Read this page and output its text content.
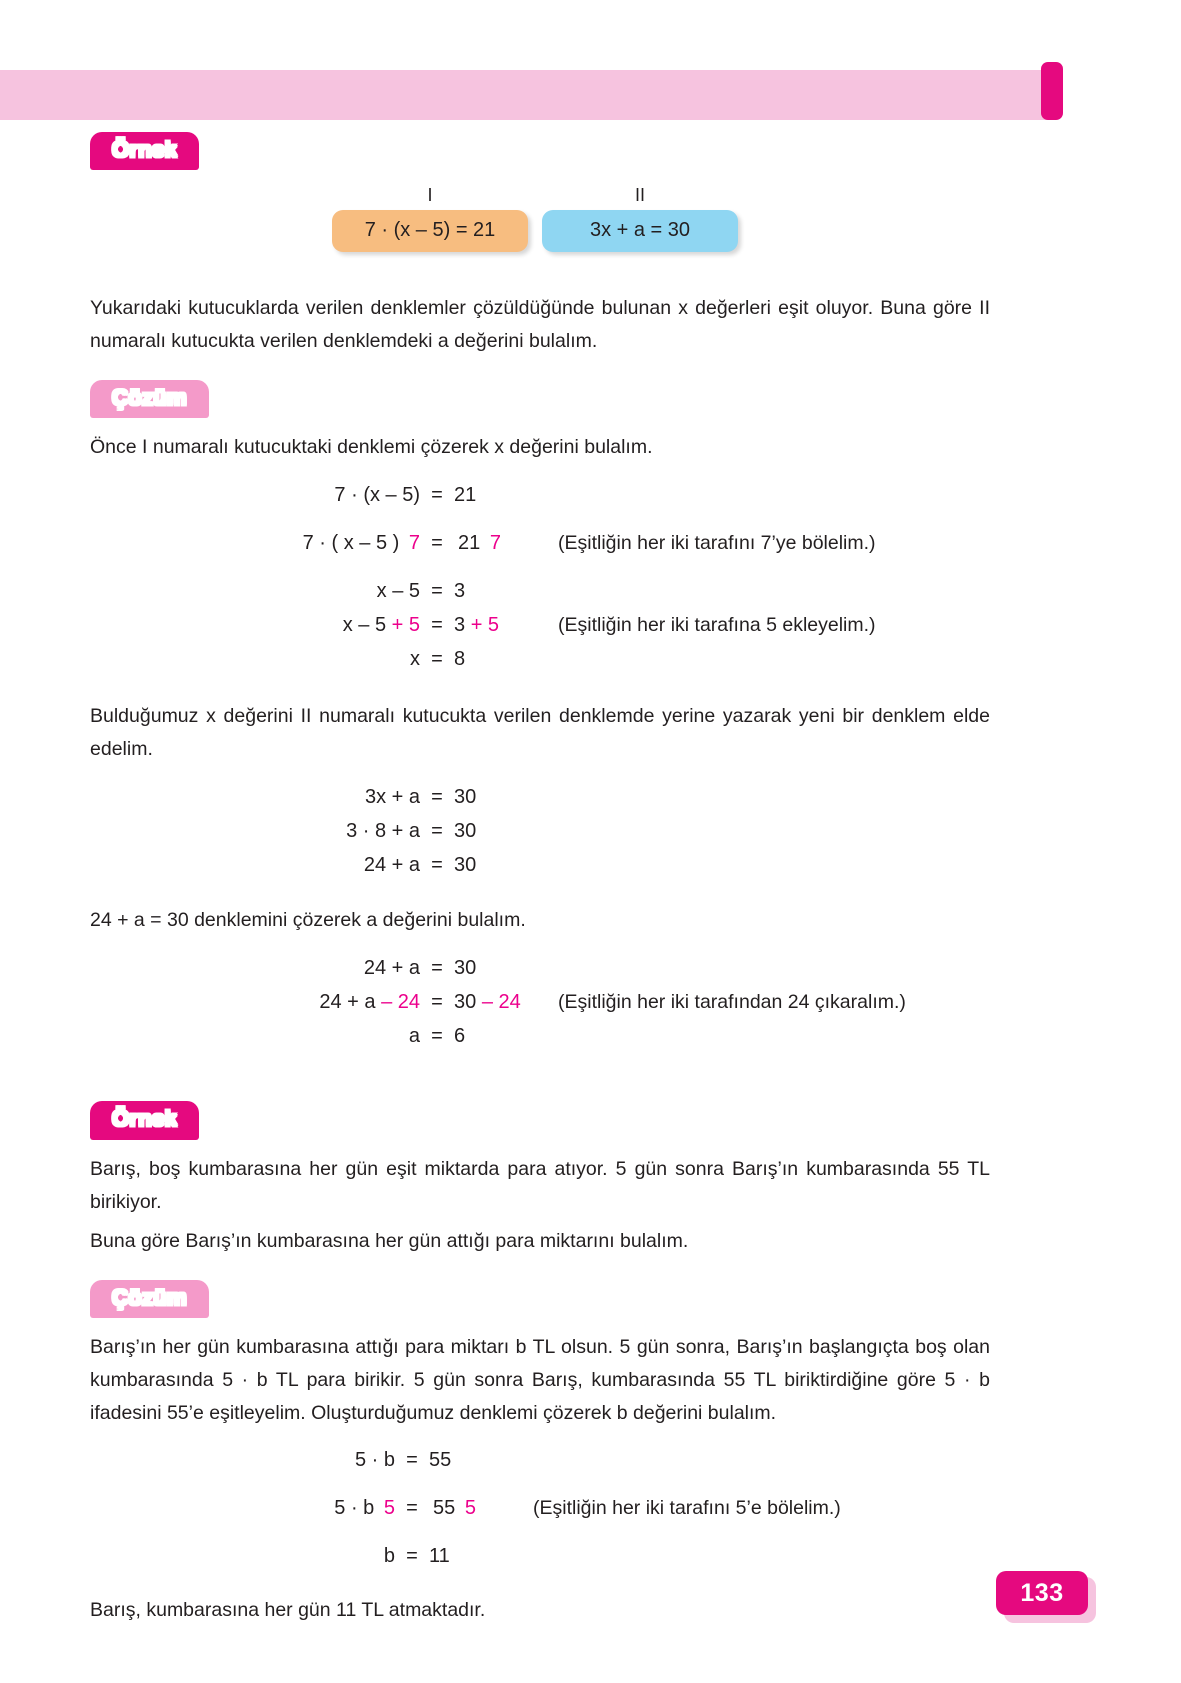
Örnek
I
7 · (x – 5) = 21
II
3x + a = 30

Yukarıdaki kutucuklarda verilen denklemler çözüldüğünde bulunan x değerleri eşit oluyor. Buna göre II numaralı kutucukta verilen denklemdeki a değerini bulalım.

Çözüm

Önce I numaralı kutucuktaki denklemi çözerek x değerini bulalım.

7 · (x – 5) = 21
7 · ( x – 5 ) 7 = 21 7	(Eşitliğin her iki tarafını 7’ye bölelim.)
x – 5 = 3
x – 5 + 5 = 3 + 5	(Eşitliğin her iki tarafına 5 ekleyelim.)
x = 8

Bulduğumuz x değerini II numaralı kutucukta verilen denklemde yerine yazarak yeni bir denklem elde edelim.

3x + a = 30
3 · 8 + a = 30
24 + a = 30

24 + a = 30 denklemini çözerek a değerini bulalım.

24 + a = 30
24 + a – 24 = 30 – 24	(Eşitliğin her iki tarafından 24 çıkaralım.)
a = 6
Örnek

Barış, boş kumbarasına her gün eşit miktarda para atıyor. 5 gün sonra Barış’ın kumbarasında 55 TL birikiyor.

Buna göre Barış’ın kumbarasına her gün attığı para miktarını bulalım.

Çözüm

Barış’ın her gün kumbarasına attığı para miktarı b TL olsun. 5 gün sonra, Barış’ın başlangıçta boş olan kumbarasında 5 · b TL para birikir. 5 gün sonra Barış, kumbarasında 55 TL biriktirdiğine göre 5 · b ifadesini 55’e eşitleyelim. Oluşturduğumuz denklemi çözerek b değerini bulalım.

5 · b = 55
5 · b 5 = 55 5	(Eşitliğin her iki tarafını 5’e bölelim.)
b = 11

Barış, kumbarasına her gün 11 TL atmaktadır.

133
